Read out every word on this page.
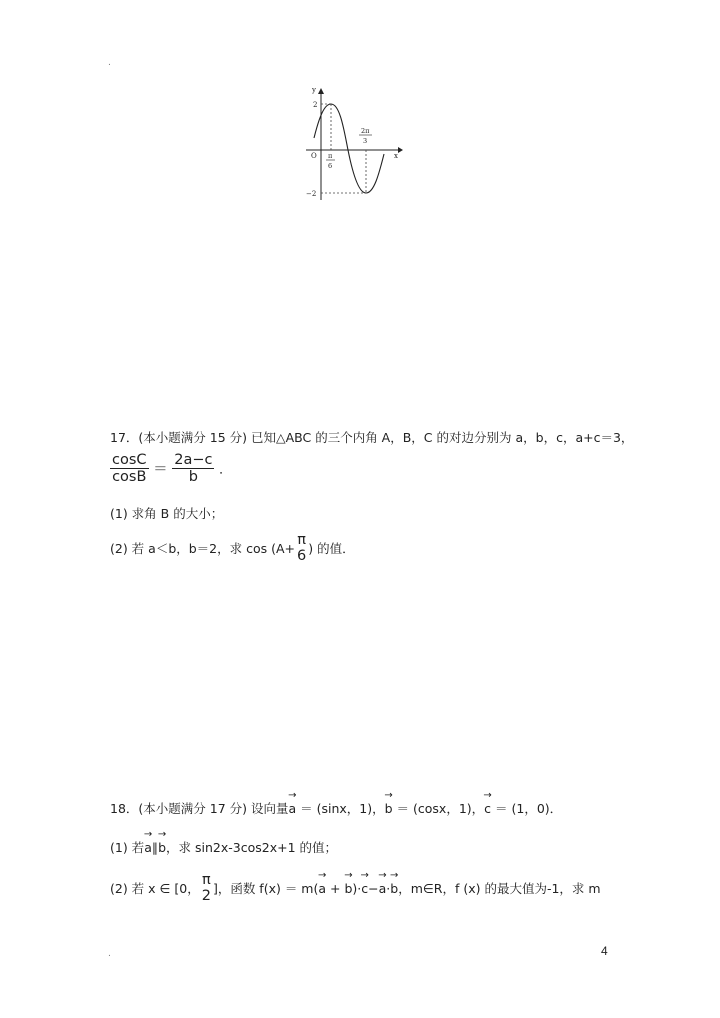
.
y
x
O
2
−2
π
6
2π
3
17．(本小题满分 15 分) 已知△ABC 的三个内角 A，B，C 的对边分别为 a，b，c，a+c＝3，
$\frac{\cos C}{\cos B} = \frac{2a-c}{b}$ ．
(1) 求角 B 的大小；
(2) 若 a＜b，b＝2，求 cos (A+
π
6 ) 的值．
18．(本小题满分 17 分) 设向量→ a ＝ (sinx，1)，→ b ＝ (cosx，1)，→ c ＝ (1，0)．
(1) 若→ a∥→ b，求 sin2x-3cos2x+1 的值；
(2) 若 x ∈ [0，
π
2 ]，函数 f(x) ＝ m(→ a + → b)·→ c−→ a·→ b，m∈R，f (x) 的最大值为-1，求 m
4
.
